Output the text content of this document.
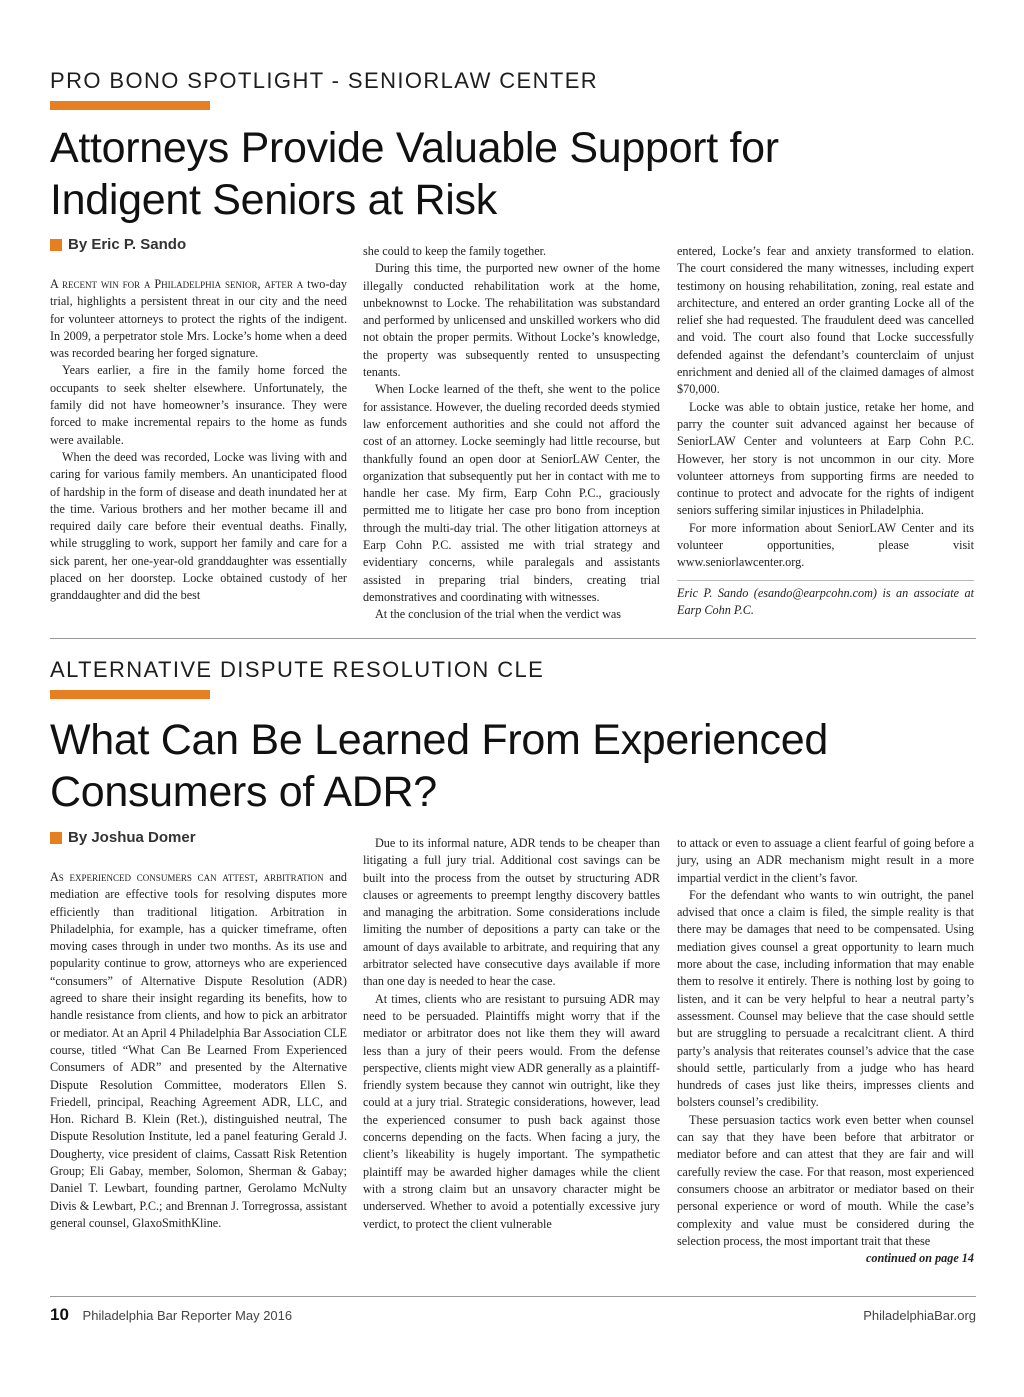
PRO BONO SPOTLIGHT - SENIORLAW CENTER
Attorneys Provide Valuable Support for
Indigent Seniors at Risk
By Eric P. Sando

A recent win for a Philadelphia senior, after a two-day trial, highlights a persistent threat in our city and the need for volunteer attorneys to protect the rights of the indigent. In 2009, a perpetrator stole Mrs. Locke’s home when a deed was recorded bearing her forged signature.

Years earlier, a fire in the family home forced the occupants to seek shelter elsewhere. Unfortunately, the family did not have homeowner’s insurance. They were forced to make incremental repairs to the home as funds were available.

When the deed was recorded, Locke was living with and caring for various family members. An unanticipated flood of hardship in the form of disease and death inundated her at the time. Various brothers and her mother became ill and required daily care before their eventual deaths. Finally, while struggling to work, support her family and care for a sick parent, her one-year-old granddaughter was essentially placed on her doorstep. Locke obtained custody of her granddaughter and did the best

she could to keep the family together.

During this time, the purported new owner of the home illegally conducted rehabilitation work at the home, unbeknownst to Locke. The rehabilitation was substandard and performed by unlicensed and unskilled workers who did not obtain the proper permits. Without Locke’s knowledge, the property was subsequently rented to unsuspecting tenants.

When Locke learned of the theft, she went to the police for assistance. However, the dueling recorded deeds stymied law enforcement authorities and she could not afford the cost of an attorney. Locke seemingly had little recourse, but thankfully found an open door at SeniorLAW Center, the organization that subsequently put her in contact with me to handle her case. My firm, Earp Cohn P.C., graciously permitted me to litigate her case pro bono from inception through the multi-day trial. The other litigation attorneys at Earp Cohn P.C. assisted me with trial strategy and evidentiary concerns, while paralegals and assistants assisted in preparing trial binders, creating trial demonstratives and coordinating with witnesses.

At the conclusion of the trial when the verdict was

entered, Locke’s fear and anxiety transformed to elation. The court considered the many witnesses, including expert testimony on housing rehabilitation, zoning, real estate and architecture, and entered an order granting Locke all of the relief she had requested. The fraudulent deed was cancelled and void. The court also found that Locke successfully defended against the defendant’s counterclaim of unjust enrichment and denied all of the claimed damages of almost $70,000.

Locke was able to obtain justice, retake her home, and parry the counter suit advanced against her because of SeniorLAW Center and volunteers at Earp Cohn P.C. However, her story is not uncommon in our city. More volunteer attorneys from supporting firms are needed to continue to protect and advocate for the rights of indigent seniors suffering similar injustices in Philadelphia.

For more information about SeniorLAW Center and its volunteer opportunities, please visit www.seniorlawcenter.org.

Eric P. Sando (esando@earpcohn.com) is an associate at Earp Cohn P.C.

ALTERNATIVE DISPUTE RESOLUTION CLE
What Can Be Learned From Experienced
Consumers of ADR?
By Joshua Domer

As experienced consumers can attest, arbitration and mediation are effective tools for resolving disputes more efficiently than traditional litigation. Arbitration in Philadelphia, for example, has a quicker timeframe, often moving cases through in under two months. As its use and popularity continue to grow, attorneys who are experienced “consumers” of Alternative Dispute Resolution (ADR) agreed to share their insight regarding its benefits, how to handle resistance from clients, and how to pick an arbitrator or mediator. At an April 4 Philadelphia Bar Association CLE course, titled “What Can Be Learned From Experienced Consumers of ADR” and presented by the Alternative Dispute Resolution Committee, moderators Ellen S. Friedell, principal, Reaching Agreement ADR, LLC, and Hon. Richard B. Klein (Ret.), distinguished neutral, The Dispute Resolution Institute, led a panel featuring Gerald J. Dougherty, vice president of claims, Cassatt Risk Retention Group; Eli Gabay, member, Solomon, Sherman & Gabay; Daniel T. Lewbart, founding partner, Gerolamo McNulty Divis & Lewbart, P.C.; and Brennan J. Torregrossa, assistant general counsel, GlaxoSmithKline.

Due to its informal nature, ADR tends to be cheaper than litigating a full jury trial. Additional cost savings can be built into the process from the outset by structuring ADR clauses or agreements to preempt lengthy discovery battles and managing the arbitration. Some considerations include limiting the number of depositions a party can take or the amount of days available to arbitrate, and requiring that any arbitrator selected have consecutive days available if more than one day is needed to hear the case.

At times, clients who are resistant to pursuing ADR may need to be persuaded. Plaintiffs might worry that if the mediator or arbitrator does not like them they will award less than a jury of their peers would. From the defense perspective, clients might view ADR generally as a plaintiff-friendly system because they cannot win outright, like they could at a jury trial. Strategic considerations, however, lead the experienced consumer to push back against those concerns depending on the facts. When facing a jury, the client’s likeability is hugely important. The sympathetic plaintiff may be awarded higher damages while the client with a strong claim but an unsavory character might be underserved. Whether to avoid a potentially excessive jury verdict, to protect the client vulnerable

to attack or even to assuage a client fearful of going before a jury, using an ADR mechanism might result in a more impartial verdict in the client’s favor.

For the defendant who wants to win outright, the panel advised that once a claim is filed, the simple reality is that there may be damages that need to be compensated. Using mediation gives counsel a great opportunity to learn much more about the case, including information that may enable them to resolve it entirely. There is nothing lost by going to listen, and it can be very helpful to hear a neutral party’s assessment. Counsel may believe that the case should settle but are struggling to persuade a recalcitrant client. A third party’s analysis that reiterates counsel’s advice that the case should settle, particularly from a judge who has heard hundreds of cases just like theirs, impresses clients and bolsters counsel’s credibility.

These persuasion tactics work even better when counsel can say that they have been before that arbitrator or mediator before and can attest that they are fair and will carefully review the case. For that reason, most experienced consumers choose an arbitrator or mediator based on their personal experience or word of mouth. While the case’s complexity and value must be considered during the selection process, the most important trait that these

continued on page 14

10 Philadelphia Bar Reporter May 2016	PhiladelphiaBar.org
